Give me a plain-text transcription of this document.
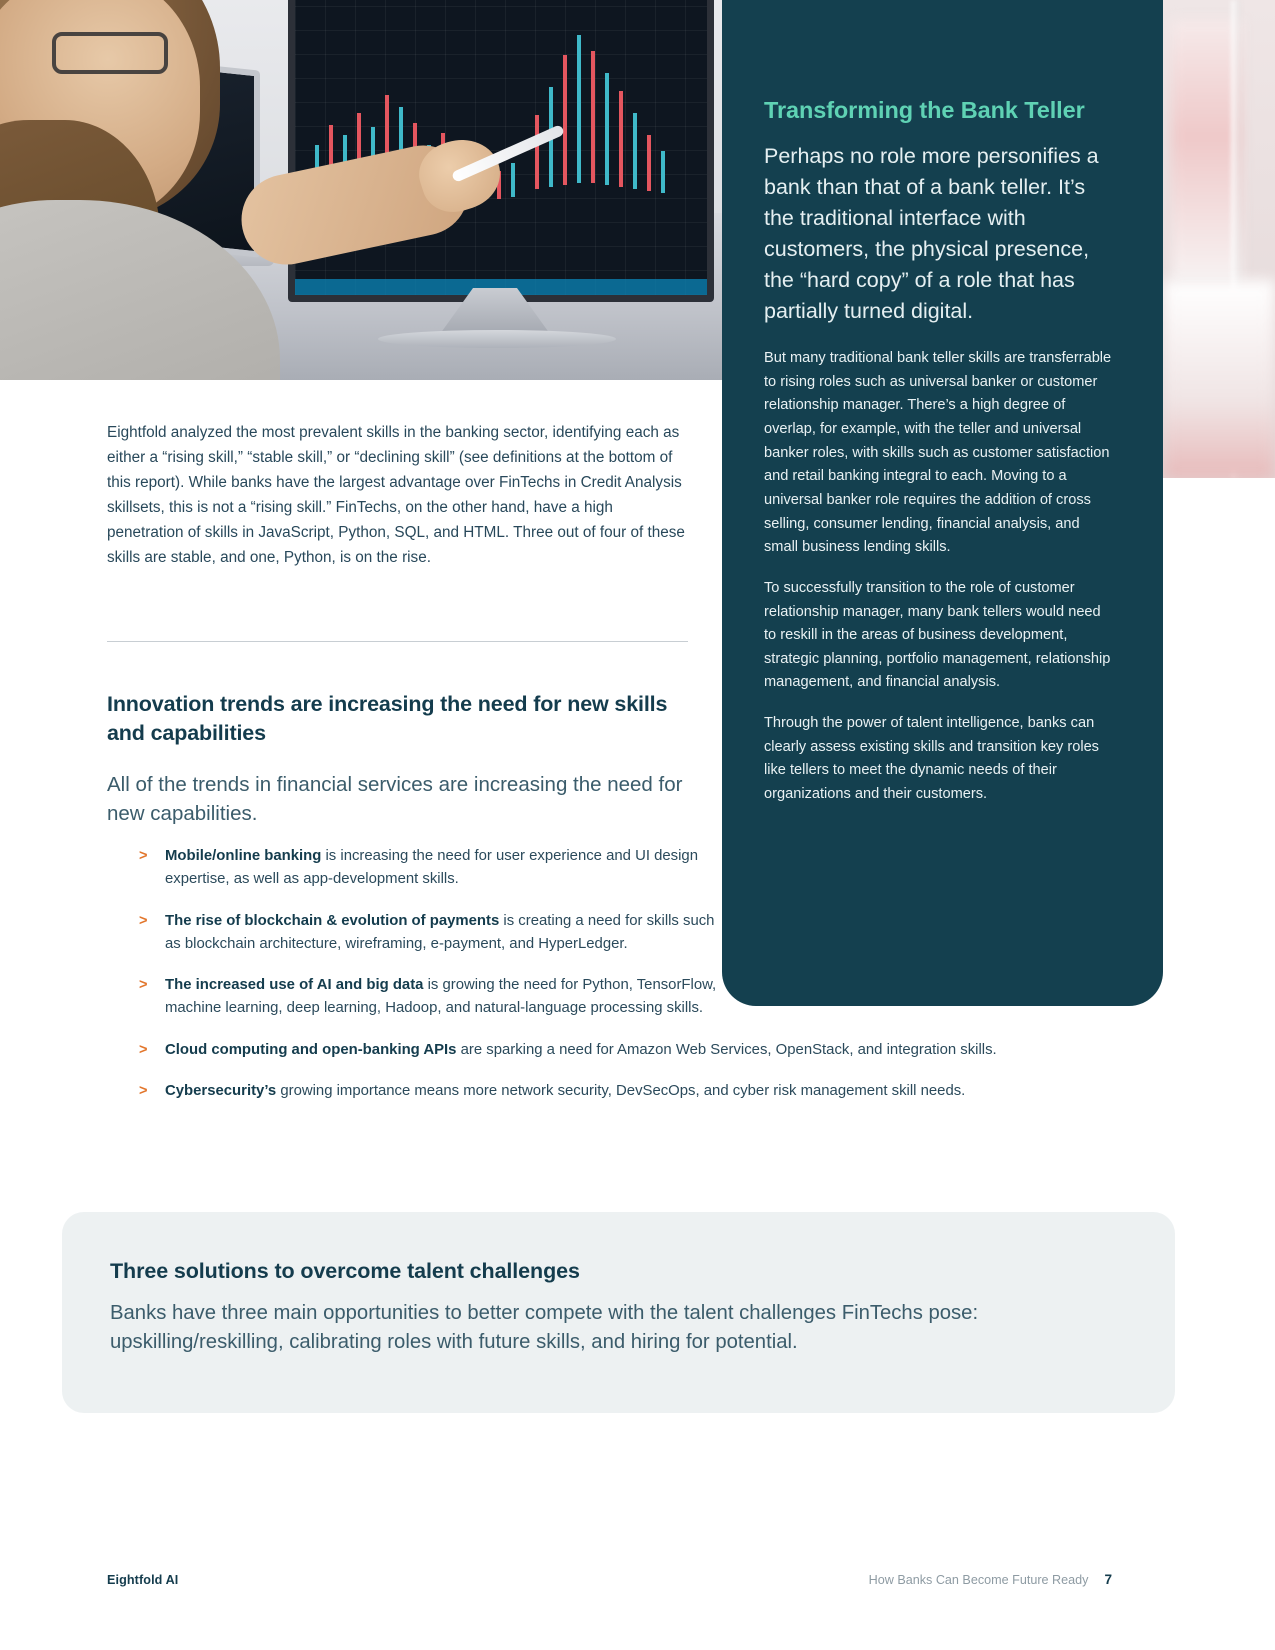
Transforming the Bank Teller

Perhaps no role more personifies a bank than that of a bank teller. It’s the traditional interface with customers, the physical presence, the “hard copy” of a role that has partially turned digital.

But many traditional bank teller skills are transferrable to rising roles such as universal banker or customer relationship manager. There’s a high degree of overlap, for example, with the teller and universal banker roles, with skills such as customer satisfaction and retail banking integral to each. Moving to a universal banker role requires the addition of cross selling, consumer lending, financial analysis, and small business lending skills.

To successfully transition to the role of customer relationship manager, many bank tellers would need to reskill in the areas of business development, strategic planning, portfolio management, relationship management, and financial analysis.

Through the power of talent intelligence, banks can clearly assess existing skills and transition key roles like tellers to meet the dynamic needs of their organizations and their customers.

Eightfold analyzed the most prevalent skills in the banking sector, identifying each as either a “rising skill,” “stable skill,” or “declining skill” (see definitions at the bottom of this report). While banks have the largest advantage over FinTechs in Credit Analysis skillsets, this is not a “rising skill.” FinTechs, on the other hand, have a high penetration of skills in JavaScript, Python, SQL, and HTML. Three out of four of these skills are stable, and one, Python, is on the rise.

Innovation trends are increasing the need for new skills and capabilities

All of the trends in financial services are increasing the need for new capabilities.

> Mobile/online banking is increasing the need for user experience and UI design expertise, as well as app-development skills.
> The rise of blockchain & evolution of payments is creating a need for skills such as blockchain architecture, wireframing, e-payment, and HyperLedger.
> The increased use of AI and big data is growing the need for Python, TensorFlow, machine learning, deep learning, Hadoop, and natural-language processing skills.
> Cloud computing and open-banking APIs are sparking a need for Amazon Web Services, OpenStack, and integration skills.
> Cybersecurity’s growing importance means more network security, DevSecOps, and cyber risk management skill needs.
Three solutions to overcome talent challenges

Banks have three main opportunities to better compete with the talent challenges FinTechs pose: upskilling/reskilling, calibrating roles with future skills, and hiring for potential.

Eightfold AI	How Banks Can Become Future Ready 7
